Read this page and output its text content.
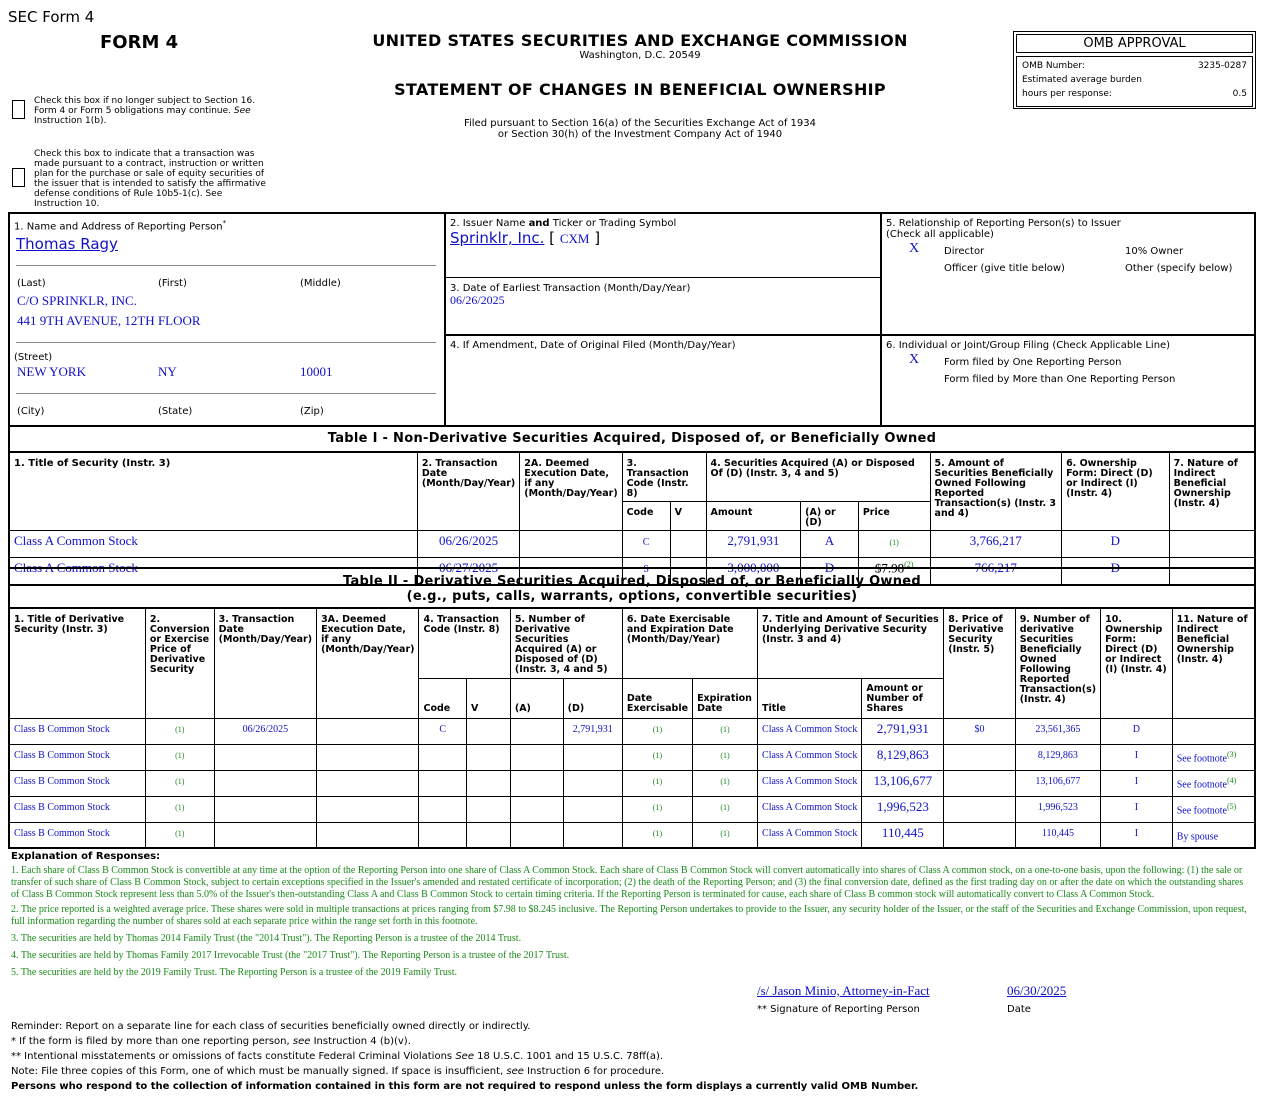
SEC Form 4
FORM 4
Check this box if no longer subject to Section 16. Form 4 or Form 5 obligations may continue. See Instruction 1(b).
Check this box to indicate that a transaction was made pursuant to a contract, instruction or written plan for the purchase or sale of equity securities of the issuer that is intended to satisfy the affirmative defense conditions of Rule 10b5-1(c). See Instruction 10.
UNITED STATES SECURITIES AND EXCHANGE COMMISSION
Washington, D.C. 20549
STATEMENT OF CHANGES IN BENEFICIAL OWNERSHIP
Filed pursuant to Section 16(a) of the Securities Exchange Act of 1934
or Section 30(h) of the Investment Company Act of 1940
OMB APPROVAL
OMB Number:	3235-0287
Estimated average burden
hours per response:	0.5
1. Name and Address of Reporting Person*
Thomas Ragy
(Last)	(First)	(Middle)
C/O SPRINKLR, INC.
441 9TH AVENUE, 12TH FLOOR
(Street)
NEW YORK	NY	10001
(City)	(State)	(Zip)
2. Issuer Name and Ticker or Trading Symbol
Sprinklr, Inc. [ CXM ]
3. Date of Earliest Transaction (Month/Day/Year)
06/26/2025
4. If Amendment, Date of Original Filed (Month/Day/Year)
5. Relationship of Reporting Person(s) to Issuer
(Check all applicable)
X Director	10% Owner
Officer (give title below)	Other (specify below)
6. Individual or Joint/Group Filing (Check Applicable Line)
X Form filed by One Reporting Person
Form filed by More than One Reporting Person
Table I - Non-Derivative Securities Acquired, Disposed of, or Beneficially Owned
1. Title of Security (Instr. 3)	2. Transaction Date (Month/Day/Year)	2A. Deemed Execution Date, if any (Month/Day/Year)	3. Transaction Code (Instr. 8)		4. Securities Acquired (A) or Disposed Of (D) (Instr. 3, 4 and 5)			5. Amount of Securities Beneficially Owned Following Reported Transaction(s) (Instr. 3 and 4)	6. Ownership Form: Direct (D) or Indirect (I) (Instr. 4)	7. Nature of Indirect Beneficial Ownership (Instr. 4)
			Code	V	Amount	(A) or (D)	Price			
Class A Common Stock	06/26/2025		C		2,791,931	A	(1)	3,766,217	D	
Class A Common Stock	06/27/2025		S		3,000,000	D	$7.98$^{(2)}$	766,217	D	
Table II - Derivative Securities Acquired, Disposed of, or Beneficially Owned
(e.g., puts, calls, warrants, options, convertible securities)
1. Title of Derivative Security (Instr. 3)	2. Conversion or Exercise Price of Derivative Security	3. Transaction Date (Month/Day/Year)	3A. Deemed Execution Date, if any (Month/Day/Year)	4. Transaction Code (Instr. 8)		5. Number of Derivative Securities Acquired (A) or Disposed of (D) (Instr. 3, 4 and 5)		6. Date Exercisable and Expiration Date (Month/Day/Year)		7. Title and Amount of Securities Underlying Derivative Security (Instr. 3 and 4)		8. Price of Derivative Security (Instr. 5)	9. Number of derivative Securities Beneficially Owned Following Reported Transaction(s) (Instr. 4)	10. Ownership Form: Direct (D) or Indirect (I) (Instr. 4)	11. Nature of Indirect Beneficial Ownership (Instr. 4)
				Code	V	(A)	(D)	Date Exercisable	Expiration Date	Title	Amount or Number of Shares				
Class B Common Stock	(1)	06/26/2025		C			2,791,931	(1)	(1)	Class A Common Stock	2,791,931	$0	23,561,365	D	
Class B Common Stock	(1)							(1)	(1)	Class A Common Stock	8,129,863		8,129,863	I	See footnote$^{(3)}$
Class B Common Stock	(1)							(1)	(1)	Class A Common Stock	13,106,677		13,106,677	I	See footnote$^{(4)}$
Class B Common Stock	(1)							(1)	(1)	Class A Common Stock	1,996,523		1,996,523	I	See footnote$^{(5)}$
Class B Common Stock	(1)							(1)	(1)	Class A Common Stock	110,445		110,445	I	By spouse
Explanation of Responses:
1. Each share of Class B Common Stock is convertible at any time at the option of the Reporting Person into one share of Class A Common Stock. Each share of Class B Common Stock will convert automatically into shares of Class A common stock, on a one-to-one basis, upon the following: (1) the sale or transfer of such share of Class B Common Stock, subject to certain exceptions specified in the Issuer's amended and restated certificate of incorporation; (2) the death of the Reporting Person; and (3) the final conversion date, defined as the first trading day on or after the date on which the outstanding shares of Class B Common Stock represent less than 5.0% of the Issuer's then-outstanding Class A and Class B Common Stock to certain timing criteria. If the Reporting Person is terminated for cause, each share of Class B common stock will automatically convert to Class A Common Stock.
2. The price reported is a weighted average price. These shares were sold in multiple transactions at prices ranging from $7.98 to $8.245 inclusive. The Reporting Person undertakes to provide to the Issuer, any security holder of the Issuer, or the staff of the Securities and Exchange Commission, upon request, full information regarding the number of shares sold at each separate price within the range set forth in this footnote.
3. The securities are held by Thomas 2014 Family Trust (the "2014 Trust"). The Reporting Person is a trustee of the 2014 Trust.
4. The securities are held by Thomas Family 2017 Irrevocable Trust (the "2017 Trust"). The Reporting Person is a trustee of the 2017 Trust.
5. The securities are held by the 2019 Family Trust. The Reporting Person is a trustee of the 2019 Family Trust.
/s/ Jason Minio, Attorney-in-Fact	06/30/2025
** Signature of Reporting Person	Date
Reminder: Report on a separate line for each class of securities beneficially owned directly or indirectly.
* If the form is filed by more than one reporting person, see Instruction 4 (b)(v).
** Intentional misstatements or omissions of facts constitute Federal Criminal Violations See 18 U.S.C. 1001 and 15 U.S.C. 78ff(a).
Note: File three copies of this Form, one of which must be manually signed. If space is insufficient, see Instruction 6 for procedure.
Persons who respond to the collection of information contained in this form are not required to respond unless the form displays a currently valid OMB Number.
